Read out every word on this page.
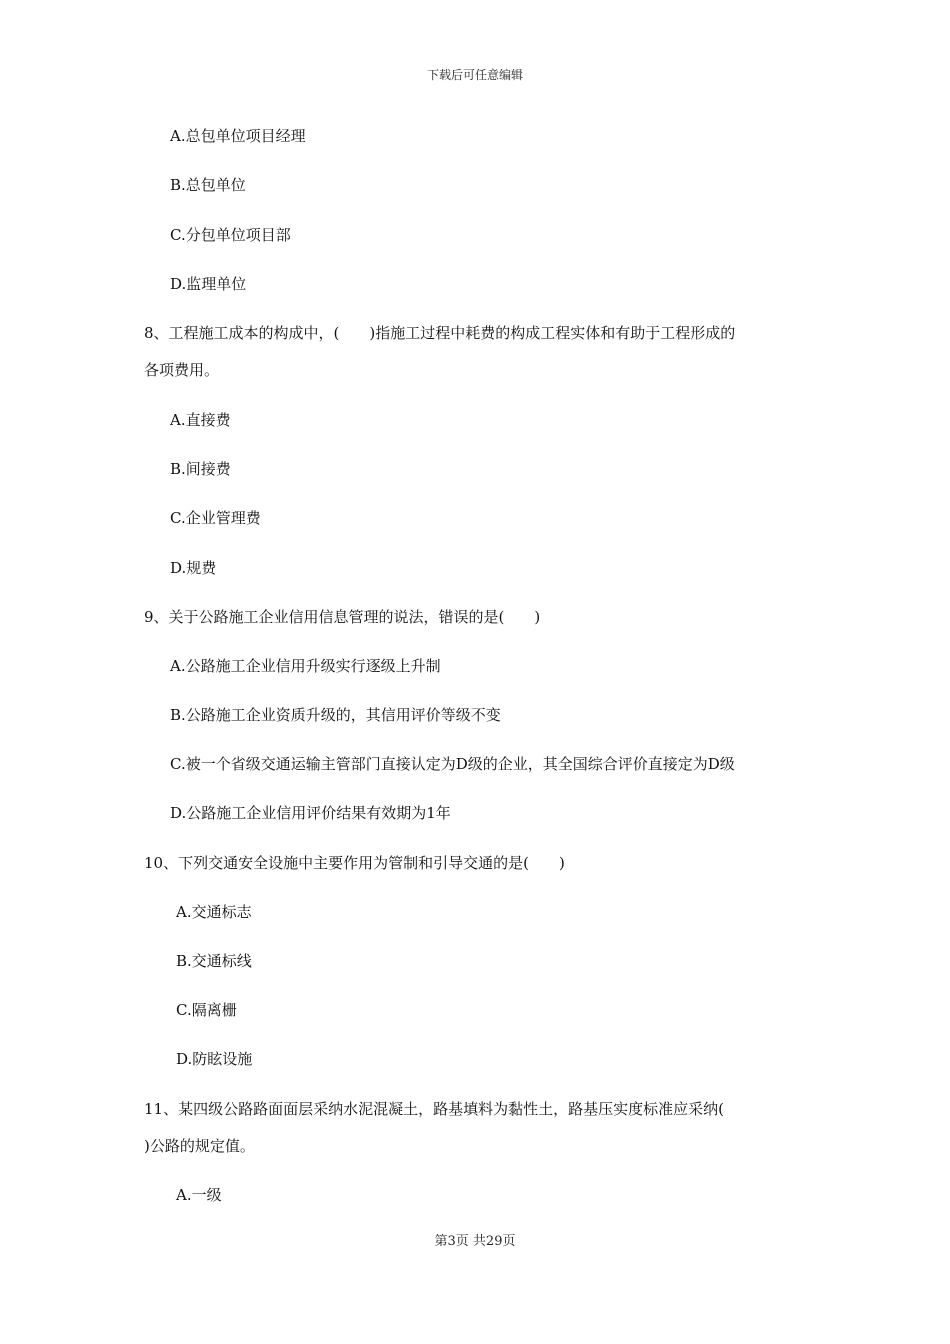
下载后可任意编辑
A.总包单位项目经理
B.总包单位
C.分包单位项目部
D.监理单位
8、工程施工成本的构成中，(　　)指施工过程中耗费的构成工程实体和有助于工程形成的
各项费用。
A.直接费
B.间接费
C.企业管理费
D.规费
9、关于公路施工企业信用信息管理的说法，错误的是(　　)
A.公路施工企业信用升级实行逐级上升制
B.公路施工企业资质升级的，其信用评价等级不变
C.被一个省级交通运输主管部门直接认定为D级的企业，其全国综合评价直接定为D级
D.公路施工企业信用评价结果有效期为1年
10、下列交通安全设施中主要作用为管制和引导交通的是(　　)
A.交通标志
B.交通标线
C.隔离栅
D.防眩设施
11、某四级公路路面面层采纳水泥混凝土，路基填料为黏性土，路基压实度标准应采纳(
)公路的规定值。
A.一级
第3页 共29页
